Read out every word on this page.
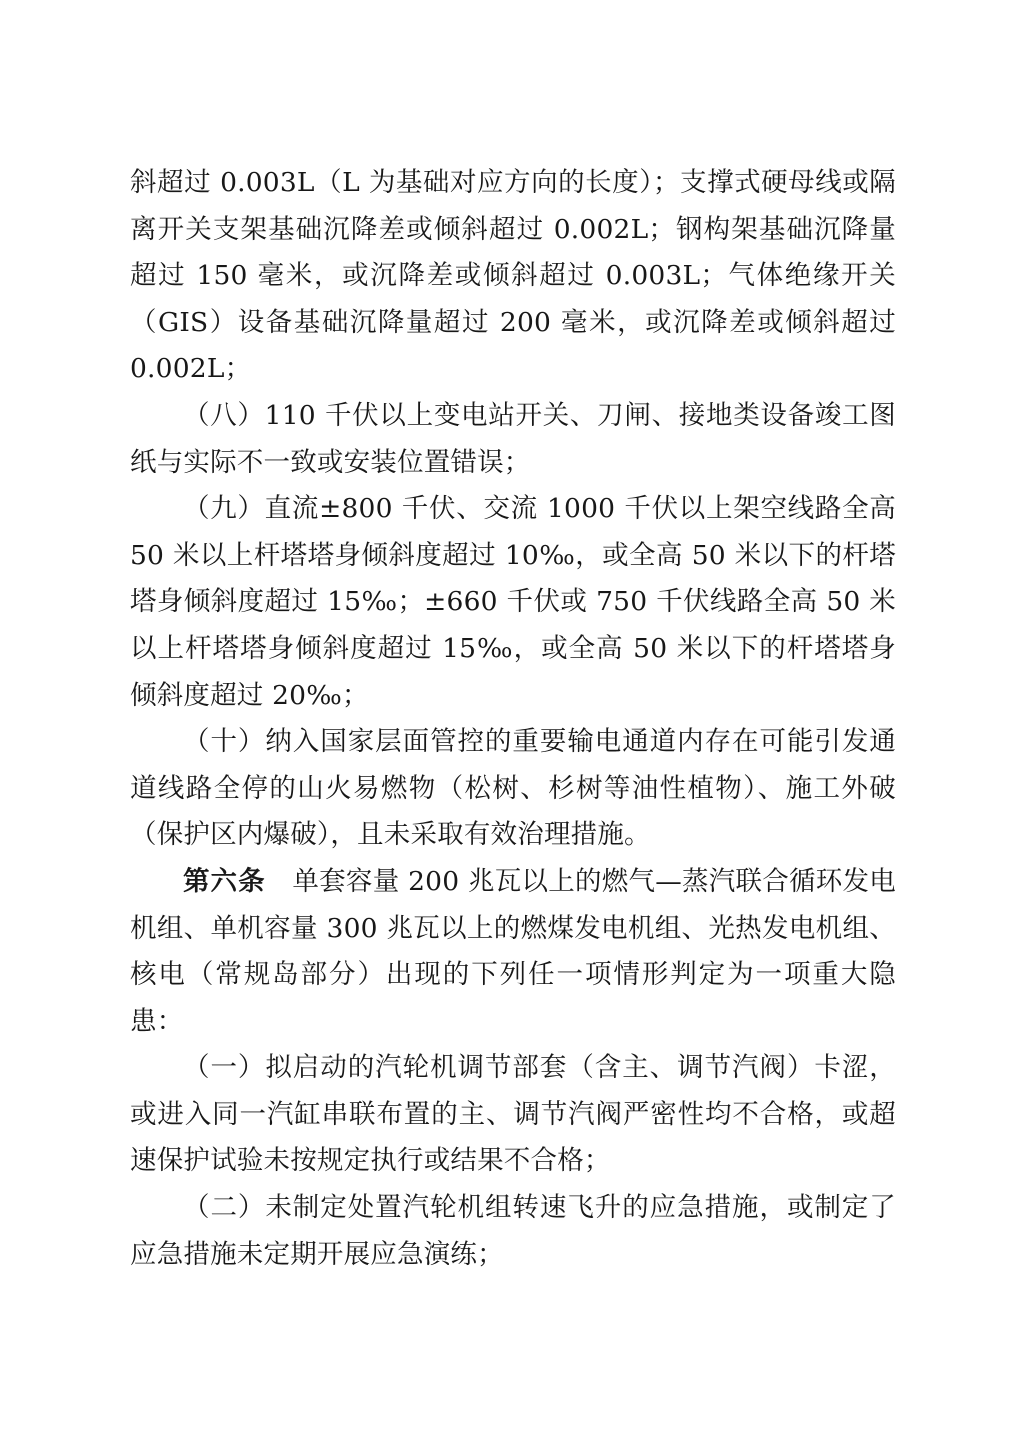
斜超过 0.003L（L 为基础对应方向的长度）；支撑式硬母线或隔离开关支架基础沉降差或倾斜超过 0.002L；钢构架基础沉降量超过 150 毫米，或沉降差或倾斜超过 0.003L；气体绝缘开关（GIS）设备基础沉降量超过 200 毫米，或沉降差或倾斜超过 0.002L；

（八）110 千伏以上变电站开关、刀闸、接地类设备竣工图纸与实际不一致或安装位置错误；

（九）直流±800 千伏、交流 1000 千伏以上架空线路全高 50 米以上杆塔塔身倾斜度超过 10‰，或全高 50 米以下的杆塔塔身倾斜度超过 15‰；±660 千伏或 750 千伏线路全高 50 米以上杆塔塔身倾斜度超过 15‰，或全高 50 米以下的杆塔塔身倾斜度超过 20‰；

（十）纳入国家层面管控的重要输电通道内存在可能引发通道线路全停的山火易燃物（松树、杉树等油性植物）、施工外破（保护区内爆破），且未采取有效治理措施。

第六条　单套容量 200 兆瓦以上的燃气—蒸汽联合循环发电机组、单机容量 300 兆瓦以上的燃煤发电机组、光热发电机组、核电（常规岛部分）出现的下列任一项情形判定为一项重大隐患：

（一）拟启动的汽轮机调节部套（含主、调节汽阀）卡涩，或进入同一汽缸串联布置的主、调节汽阀严密性均不合格，或超速保护试验未按规定执行或结果不合格；

（二）未制定处置汽轮机组转速飞升的应急措施，或制定了应急措施未定期开展应急演练；
